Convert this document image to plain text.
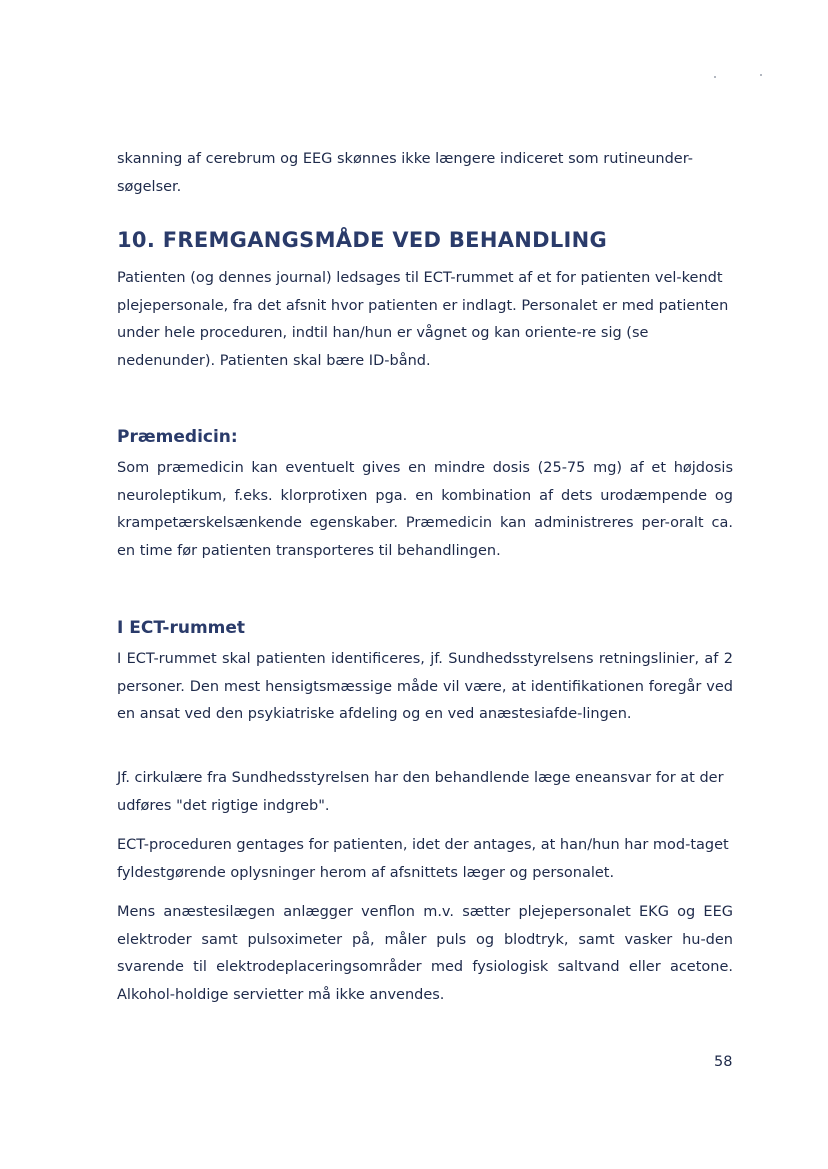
skanning af cerebrum og EEG skønnes ikke længere indiceret som rutineunder-søgelser.

10. FREMGANGSMÅDE VED BEHANDLING

Patienten (og dennes journal) ledsages til ECT-rummet af et for patienten vel-kendt plejepersonale, fra det afsnit hvor patienten er indlagt. Personalet er med patienten under hele proceduren, indtil han/hun er vågnet og kan oriente-re sig (se nedenunder). Patienten skal bære ID-bånd.

Præmedicin:

Som præmedicin kan eventuelt gives en mindre dosis (25-75 mg) af et højdosis neuroleptikum, f.eks. klorprotixen pga. en kombination af dets urodæmpende og krampetærskelsænkende egenskaber. Præmedicin kan administreres per-oralt ca. en time før patienten transporteres til behandlingen.

I ECT-rummet

I ECT-rummet skal patienten identificeres, jf. Sundhedsstyrelsens retningslinier, af 2 personer. Den mest hensigtsmæssige måde vil være, at identifikationen foregår ved en ansat ved den psykiatriske afdeling og en ved anæstesiafde-lingen.

Jf. cirkulære fra Sundhedsstyrelsen har den behandlende læge eneansvar for at der udføres "det rigtige indgreb".

ECT-proceduren gentages for patienten, idet der antages, at han/hun har mod-taget fyldestgørende oplysninger herom af afsnittets læger og personalet.

Mens anæstesilægen anlægger venflon m.v. sætter plejepersonalet EKG og EEG elektroder samt pulsoximeter på, måler puls og blodtryk, samt vasker hu-den svarende til elektrodeplaceringsområder med fysiologisk saltvand eller acetone. Alkohol-holdige servietter må ikke anvendes.

58
